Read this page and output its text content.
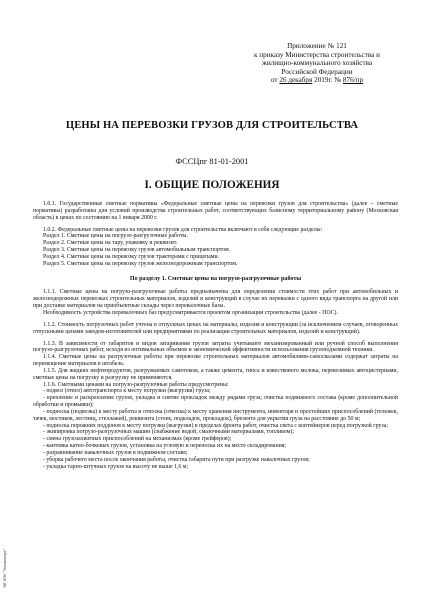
Приложение № 121
к приказу Министерства строительства и
жилищно-коммунального хозяйства
Российской Федерации
от 26 декабря 2019г. № 876/пр
ЦЕНЫ НА ПЕРЕВОЗКИ ГРУЗОВ ДЛЯ СТРОИТЕЛЬСТВА
ФССЦпг 81-01-2001
I. ОБЩИЕ ПОЛОЖЕНИЯ

1.0.1. Государственные сметные нормативы «Федеральные сметные цены на перевозки грузов для строительства» (далее – сметные нормативы) разработаны для условий производства строительных работ, соответствующих базисному территориальному району (Московская область) в ценах по состоянию на 1 января 2000 г.

1.0.2. Федеральные сметные цены на перевозки грузов для строительства включают в себя следующие разделы:

Раздел 1. Сметные цены на погрузо-разгрузочные работы.

Раздел 2. Сметные цены на тару, упаковку и реквизит.

Раздел 3. Сметные цены на перевозку грузов автомобильным транспортом.

Раздел 4. Сметные цены на перевозку грузов тракторами с прицепами.

Раздел 5. Сметные цены на перевозку грузов железнодорожным транспортом.

По разделу 1. Сметные цены на погрузо-разгрузочные работы

1.1.1. Сметные цены на погрузо-разгрузочные работы предназначены для определения стоимости этих работ при автомобильных и железнодорожных перевозках строительных материалов, изделий и конструкций в случае их перевалки с одного вида транспорта на другой или при доставке материалов на приобъектные склады через перевалочные базы.

Необходимость устройства перевалочных баз предусматривается проектом организации строительства (далее - ПОС).

1.1.2. Стоимость погрузочных работ учтена в отпускных ценах на материалы, изделия и конструкции (за исключением случаев, оговоренных отпускными ценами заводов-изготовителей или предприятиями по реализации строительных материалов, изделий и конструкций).

1.1.3. В зависимости от габаритов и видов затаривания грузов затраты учитывают механизированный или ручной способ выполнения погрузо-разгрузочных работ, исходя из оптимальных объемов и экономической эффективности использования грузоподъемной техники.

1.1.4. Сметные цены на разгрузочные работы при перевозке строительных материалов автомобилями-самосвалами содержат затраты на перемещение материалов в штабель.

1.1.5. Для жидких нефтепродуктов, разгружаемых самотеком, а также цемента, гипса и известкового молока, перевозимых автоцистернами, сметные цены на погрузку и разгрузку не применяются.

1.1.6. Сметными ценами на погрузо-разгрузочные работы предусмотрены:

- подвоз (отвоз) автотранспорта к месту погрузки (выгрузки) груза;

- крепление и раскрепление грузов, укладка и снятие прокладок между рядами груза; очистка подвижного состава (кроме дополнительной обработки и промывки);

- подноска (подвозка) к месту работы и относка (отвозка) к месту хранения инструмента, инвентаря и простейших приспособлений (тележек, тачек, мостиков, лестниц, стеллажей), реквизита (стоек, подкладок, прокладок), брезента для укрытия груза на расстояние до 50 м;

- подноска порожних поддонов к месту погрузки (выгрузки) в пределах фронта работ, очистка света с контейнеров перед погрузкой груза;

- экипировка погрузо-разгрузочных машин (снабжение водой, смазочными материалами, топливом);

- смена грузозахватных приспособлений на механизмах (кроме грейферов);

- кантовка катно-бочковых грузов, установка на угловую и переноска их на месте складирования;

- разравнивание навалочных грузов в подвижном составе;

- уборка рабочего места после окончания работы, очистка габарита пути при разгрузке навалочных грузов;

- укладка тарно-штучных грузов на высоту не выше 1,6 м;

ЭЛ ИПК "Техэксперт"
